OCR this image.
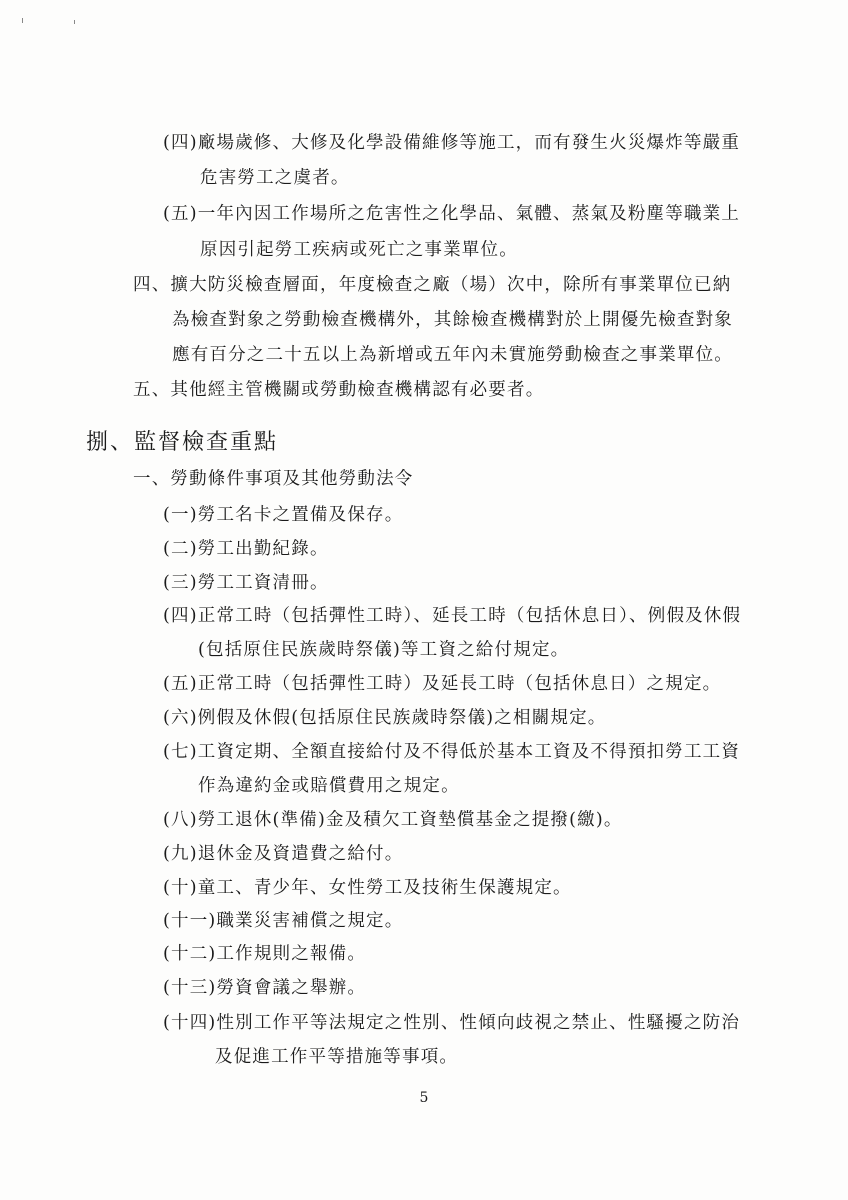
(四)廠場歲修、大修及化學設備維修等施工，而有發生火災爆炸等嚴重
危害勞工之虞者。
(五)一年內因工作場所之危害性之化學品、氣體、蒸氣及粉塵等職業上
原因引起勞工疾病或死亡之事業單位。
四、擴大防災檢查層面，年度檢查之廠（場）次中，除所有事業單位已納
為檢查對象之勞動檢查機構外，其餘檢查機構對於上開優先檢查對象
應有百分之二十五以上為新增或五年內未實施勞動檢查之事業單位。
五、其他經主管機關或勞動檢查機構認有必要者。
捌、監督檢查重點
一、勞動條件事項及其他勞動法令
(一)勞工名卡之置備及保存。
(二)勞工出勤紀錄。
(三)勞工工資清冊。
(四)正常工時（包括彈性工時）、延長工時（包括休息日）、例假及休假
(包括原住民族歲時祭儀)等工資之給付規定。
(五)正常工時（包括彈性工時）及延長工時（包括休息日）之規定。
(六)例假及休假(包括原住民族歲時祭儀)之相關規定。
(七)工資定期、全額直接給付及不得低於基本工資及不得預扣勞工工資
作為違約金或賠償費用之規定。
(八)勞工退休(準備)金及積欠工資墊償基金之提撥(繳)。
(九)退休金及資遣費之給付。
(十)童工、青少年、女性勞工及技術生保護規定。
(十一)職業災害補償之規定。
(十二)工作規則之報備。
(十三)勞資會議之舉辦。
(十四)性別工作平等法規定之性別、性傾向歧視之禁止、性騷擾之防治
及促進工作平等措施等事項。
5
